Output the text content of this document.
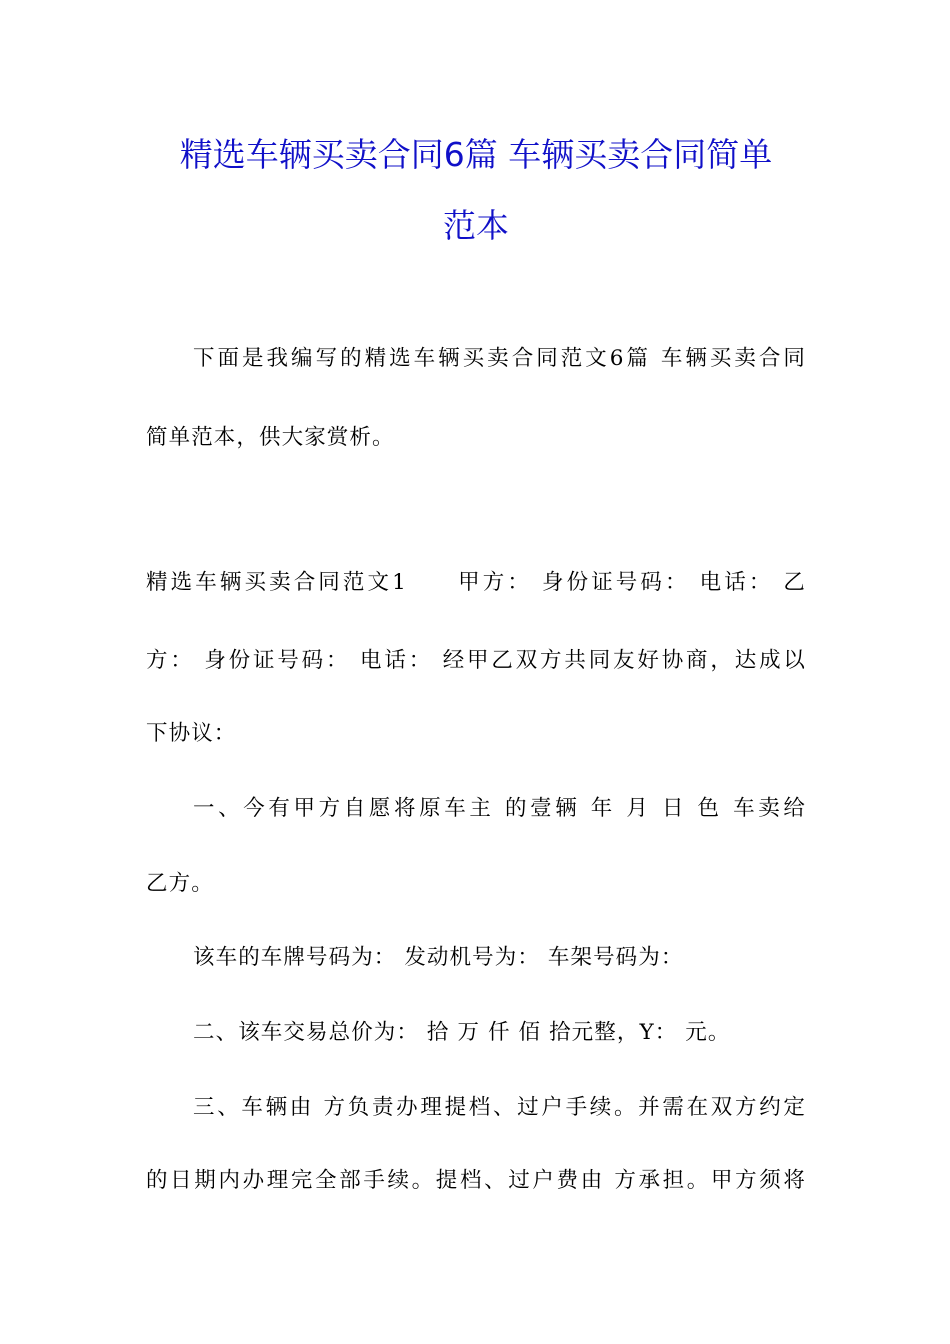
精选车辆买卖合同6篇 车辆买卖合同简单
范本
下面是我编写的精选车辆买卖合同范文6篇 车辆买卖合同
简单范本，供大家赏析。
精选车辆买卖合同范文1　　甲方： 身份证号码： 电话： 乙
方： 身份证号码： 电话： 经甲乙双方共同友好协商，达成以
下协议：
一、今有甲方自愿将原车主 的壹辆 年 月 日 色 车卖给
乙方。
该车的车牌号码为： 发动机号为： 车架号码为：
二、该车交易总价为： 拾 万 仟 佰 拾元整，Y： 元。
三、车辆由 方负责办理提档、过户手续。并需在双方约定
的日期内办理完全部手续。提档、过户费由 方承担。甲方须将
